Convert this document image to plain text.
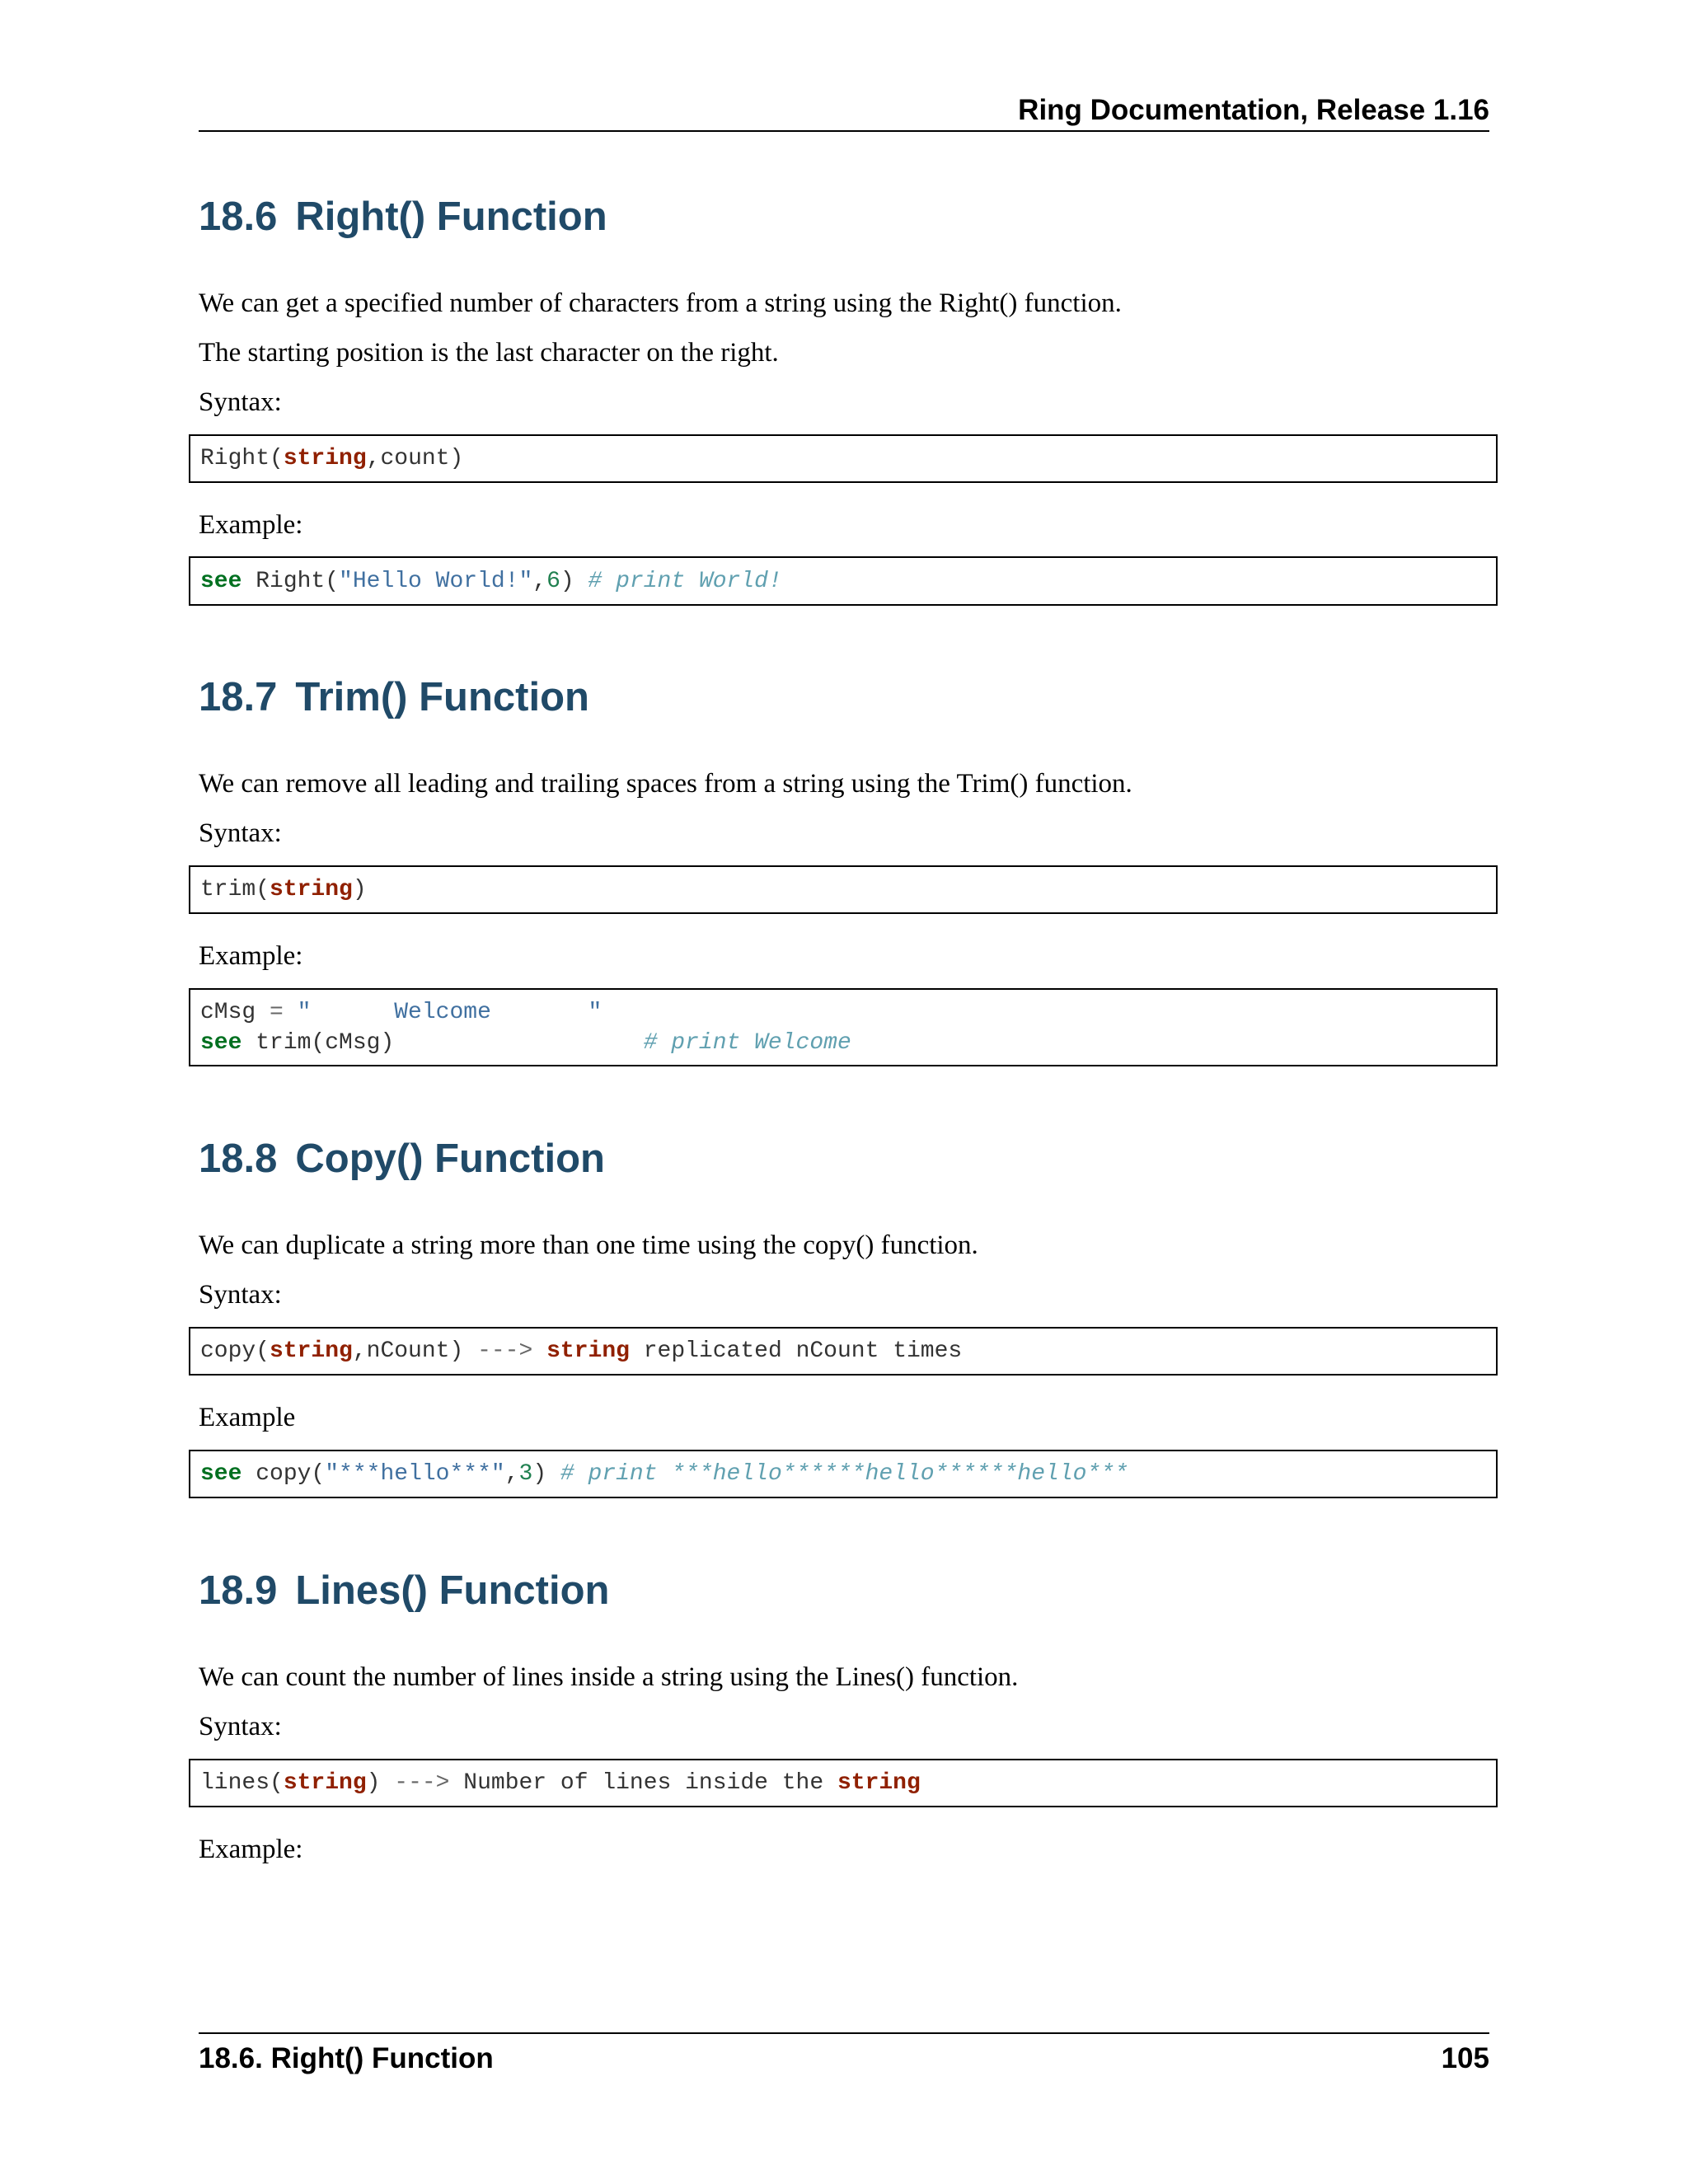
Ring Documentation, Release 1.16
18.6 Right() Function

We can get a specified number of characters from a string using the Right() function.

The starting position is the last character on the right.

Syntax:

Right(string,count)

Example:

see Right("Hello World!",6) # print World!
18.7 Trim() Function

We can remove all leading and trailing spaces from a string using the Trim() function.

Syntax:

trim(string)

Example:

cMsg = "      Welcome       "
see trim(cMsg)                  # print Welcome
18.8 Copy() Function

We can duplicate a string more than one time using the copy() function.

Syntax:

copy(string,nCount) ---> string replicated nCount times

Example

see copy("***hello***",3) # print ***hello******hello******hello***
18.9 Lines() Function

We can count the number of lines inside a string using the Lines() function.

Syntax:

lines(string) ---> Number of lines inside the string

Example:

18.6. Right() Function	105
